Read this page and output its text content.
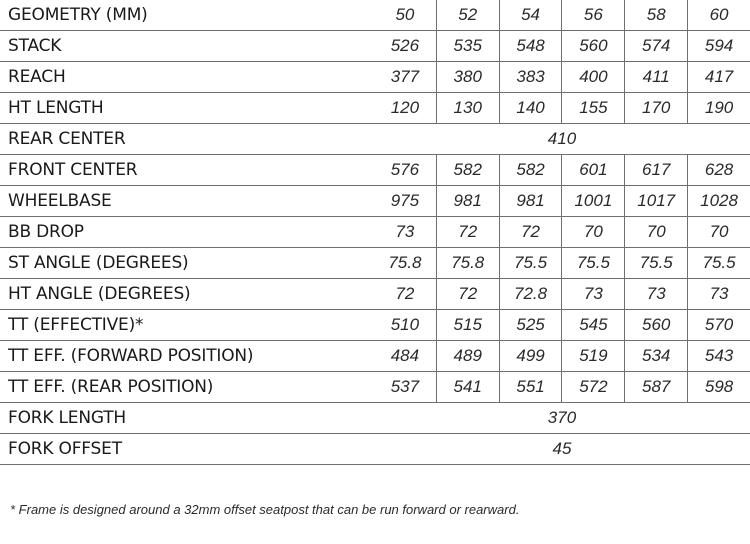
GEOMETRY (MM)	50	52	54	56	58	60
STACK	526	535	548	560	574	594
REACH	377	380	383	400	411	417
HT LENGTH	120	130	140	155	170	190
REAR CENTER	410					
FRONT CENTER	576	582	582	601	617	628
WHEELBASE	975	981	981	1001	1017	1028
BB DROP	73	72	72	70	70	70
ST ANGLE (DEGREES)	75.8	75.8	75.5	75.5	75.5	75.5
HT ANGLE (DEGREES)	72	72	72.8	73	73	73
TT (EFFECTIVE)*	510	515	525	545	560	570
TT EFF. (FORWARD POSITION)	484	489	499	519	534	543
TT EFF. (REAR POSITION)	537	541	551	572	587	598
FORK LENGTH	370					
FORK OFFSET	45					
* Frame is designed around a 32mm offset seatpost that can be run forward or rearward.
